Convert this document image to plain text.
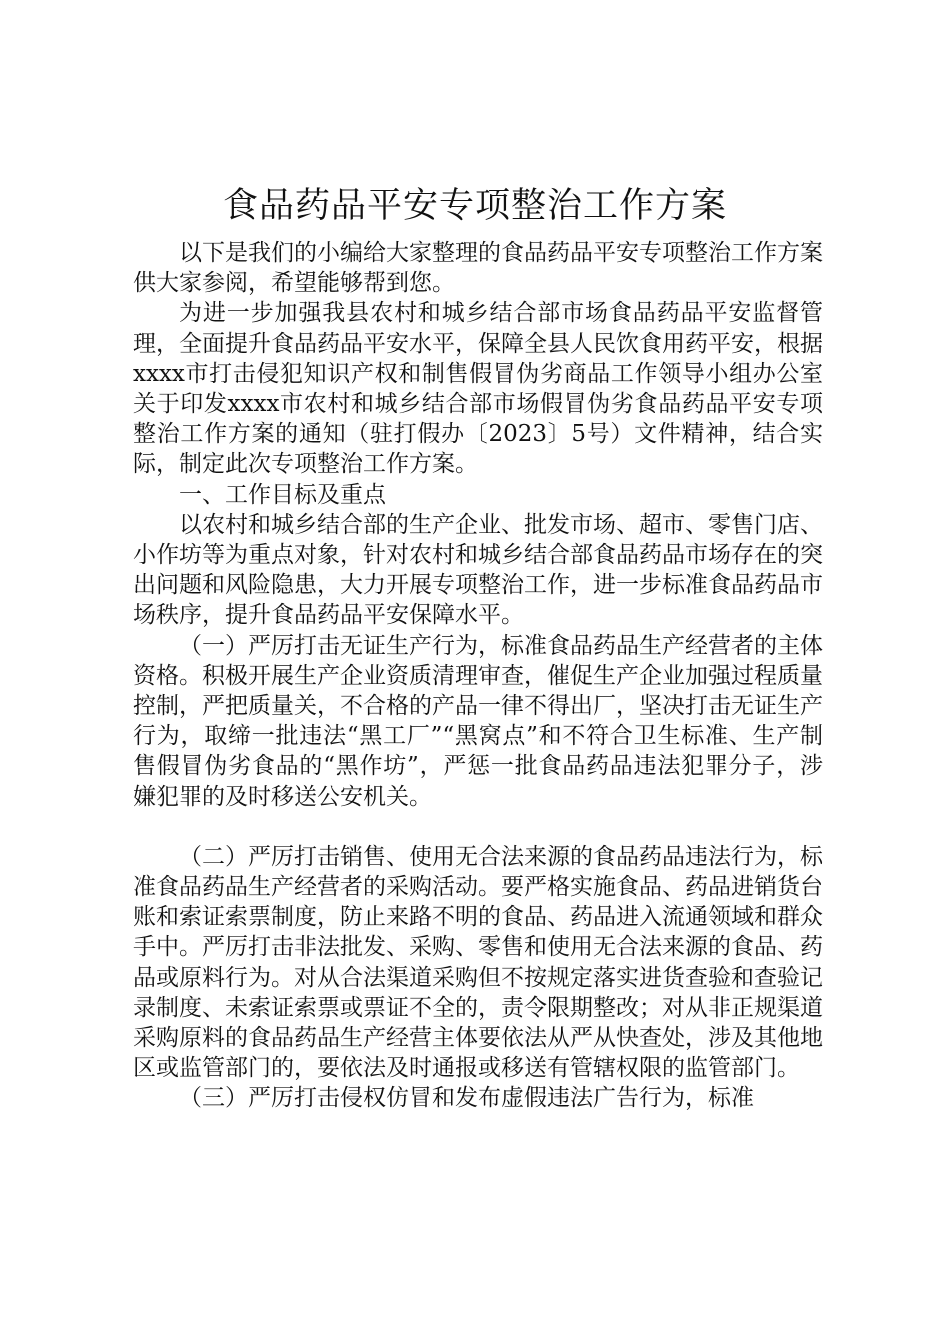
食品药品平安专项整治工作方案

以下是我们的小编给大家整理的食品药品平安专项整治工作方案供大家参阅，希望能够帮到您。

为进一步加强我县农村和城乡结合部市场食品药品平安监督管理，全面提升食品药品平安水平，保障全县人民饮食用药平安，根据xxxx市打击侵犯知识产权和制售假冒伪劣商品工作领导小组办公室关于印发xxxx市农村和城乡结合部市场假冒伪劣食品药品平安专项整治工作方案的通知（驻打假办〔2023〕5号）文件精神，结合实际，制定此次专项整治工作方案。

一、工作目标及重点

以农村和城乡结合部的生产企业、批发市场、超市、零售门店、小作坊等为重点对象，针对农村和城乡结合部食品药品市场存在的突出问题和风险隐患，大力开展专项整治工作，进一步标准食品药品市场秩序，提升食品药品平安保障水平。

（一）严厉打击无证生产行为，标准食品药品生产经营者的主体资格。积极开展生产企业资质清理审查，催促生产企业加强过程质量控制，严把质量关，不合格的产品一律不得出厂，坚决打击无证生产行为，取缔一批违法“黑工厂”“黑窝点”和不符合卫生标准、生产制售假冒伪劣食品的“黑作坊”，严惩一批食品药品违法犯罪分子，涉嫌犯罪的及时移送公安机关。

（二）严厉打击销售、使用无合法来源的食品药品违法行为，标准食品药品生产经营者的采购活动。要严格实施食品、药品进销货台账和索证索票制度，防止来路不明的食品、药品进入流通领域和群众手中。严厉打击非法批发、采购、零售和使用无合法来源的食品、药品或原料行为。对从合法渠道采购但不按规定落实进货查验和查验记录制度、未索证索票或票证不全的，责令限期整改；对从非正规渠道采购原料的食品药品生产经营主体要依法从严从快查处，涉及其他地区或监管部门的，要依法及时通报或移送有管辖权限的监管部门。

（三）严厉打击侵权仿冒和发布虚假违法广告行为，标准
